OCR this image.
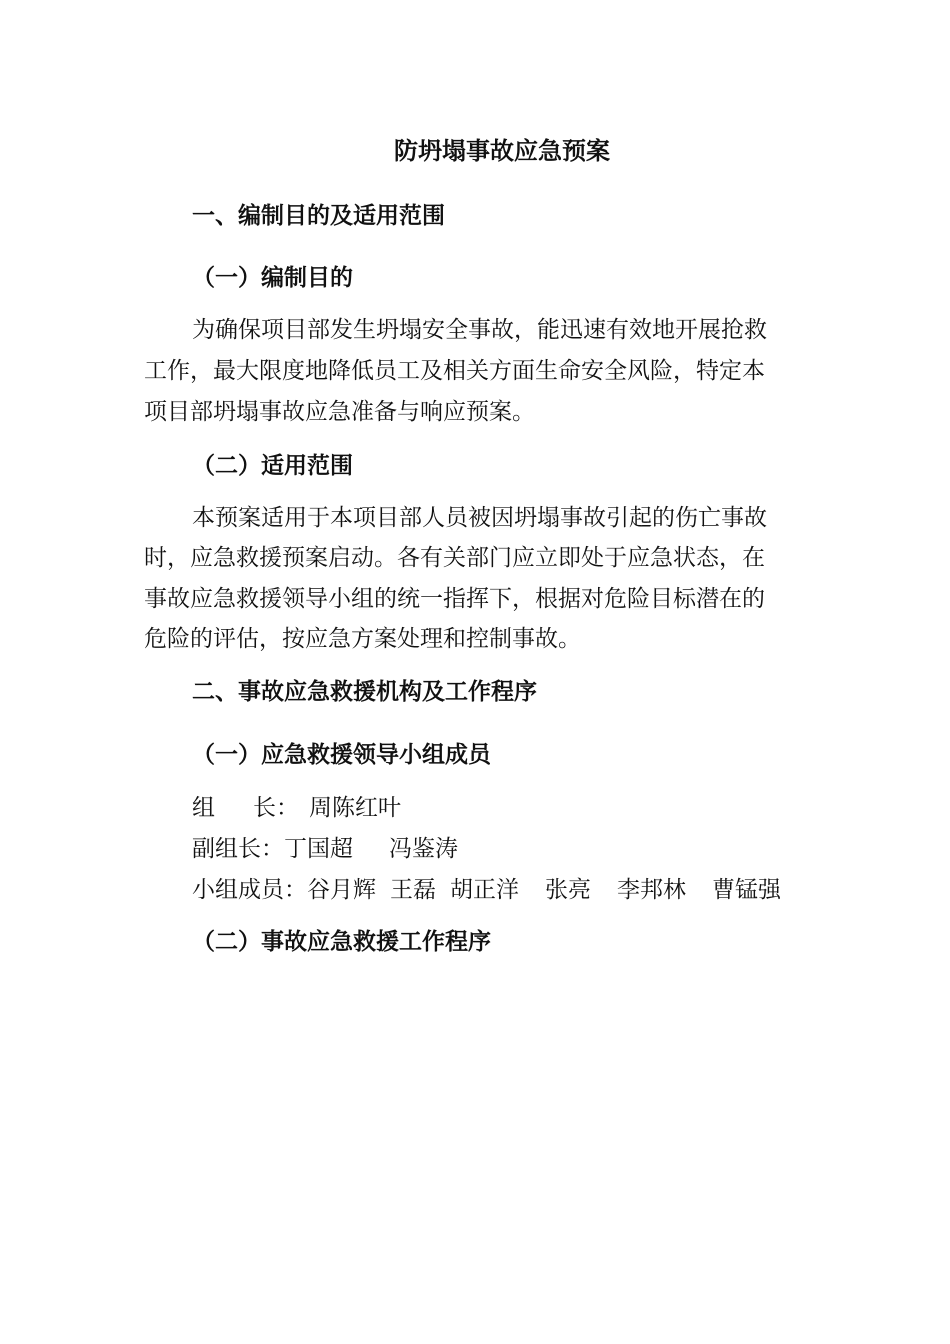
防坍塌事故应急预案
一、编制目的及适用范围
（一）编制目的
为确保项目部发生坍塌安全事故，能迅速有效地开展抢救
工作，最大限度地降低员工及相关方面生命安全风险，特定本
项目部坍塌事故应急准备与响应预案。
（二）适用范围
本预案适用于本项目部人员被因坍塌事故引起的伤亡事故
时，应急救援预案启动。各有关部门应立即处于应急状态，在
事故应急救援领导小组的统一指挥下，根据对危险目标潜在的
危险的评估，按应急方案处理和控制事故。
二、事故应急救援机构及工作程序
（一）应急救援领导小组成员
组 长： 周陈红叶
副组长：丁国超 冯鉴涛
小组成员：谷月辉 王磊 胡正洋 张亮 李邦林 曹锰强
（二）事故应急救援工作程序
